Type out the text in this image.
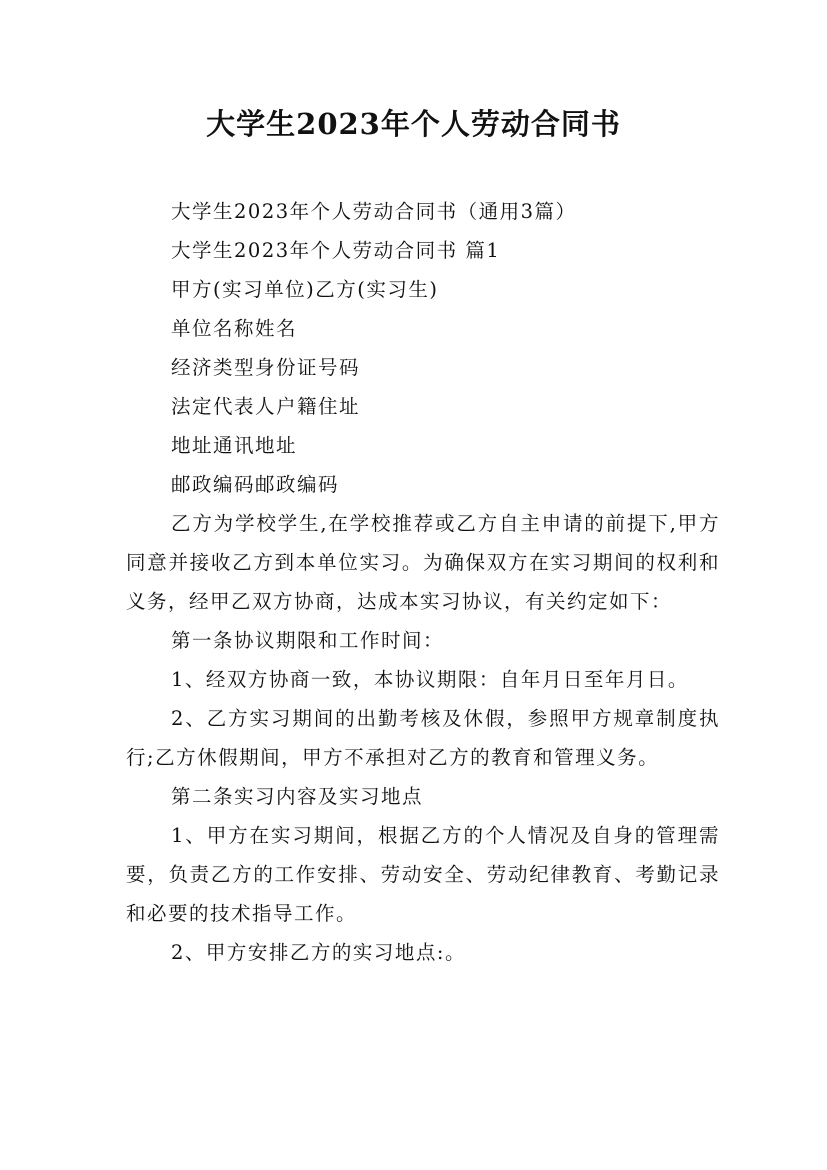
大学生2023年个人劳动合同书

大学生2023年个人劳动合同书（通用3篇）

大学生2023年个人劳动合同书 篇1

甲方(实习单位)乙方(实习生)

单位名称姓名

经济类型身份证号码

法定代表人户籍住址

地址通讯地址

邮政编码邮政编码

乙方为学校学生,在学校推荐或乙方自主申请的前提下,甲方同意并接收乙方到本单位实习。为确保双方在实习期间的权利和义务，经甲乙双方协商，达成本实习协议，有关约定如下：

第一条协议期限和工作时间：

1、经双方协商一致，本协议期限：自年月日至年月日。

2、乙方实习期间的出勤考核及休假，参照甲方规章制度执行;乙方休假期间，甲方不承担对乙方的教育和管理义务。

第二条实习内容及实习地点

1、甲方在实习期间，根据乙方的个人情况及自身的管理需要，负责乙方的工作安排、劳动安全、劳动纪律教育、考勤记录和必要的技术指导工作。

2、甲方安排乙方的实习地点:。
